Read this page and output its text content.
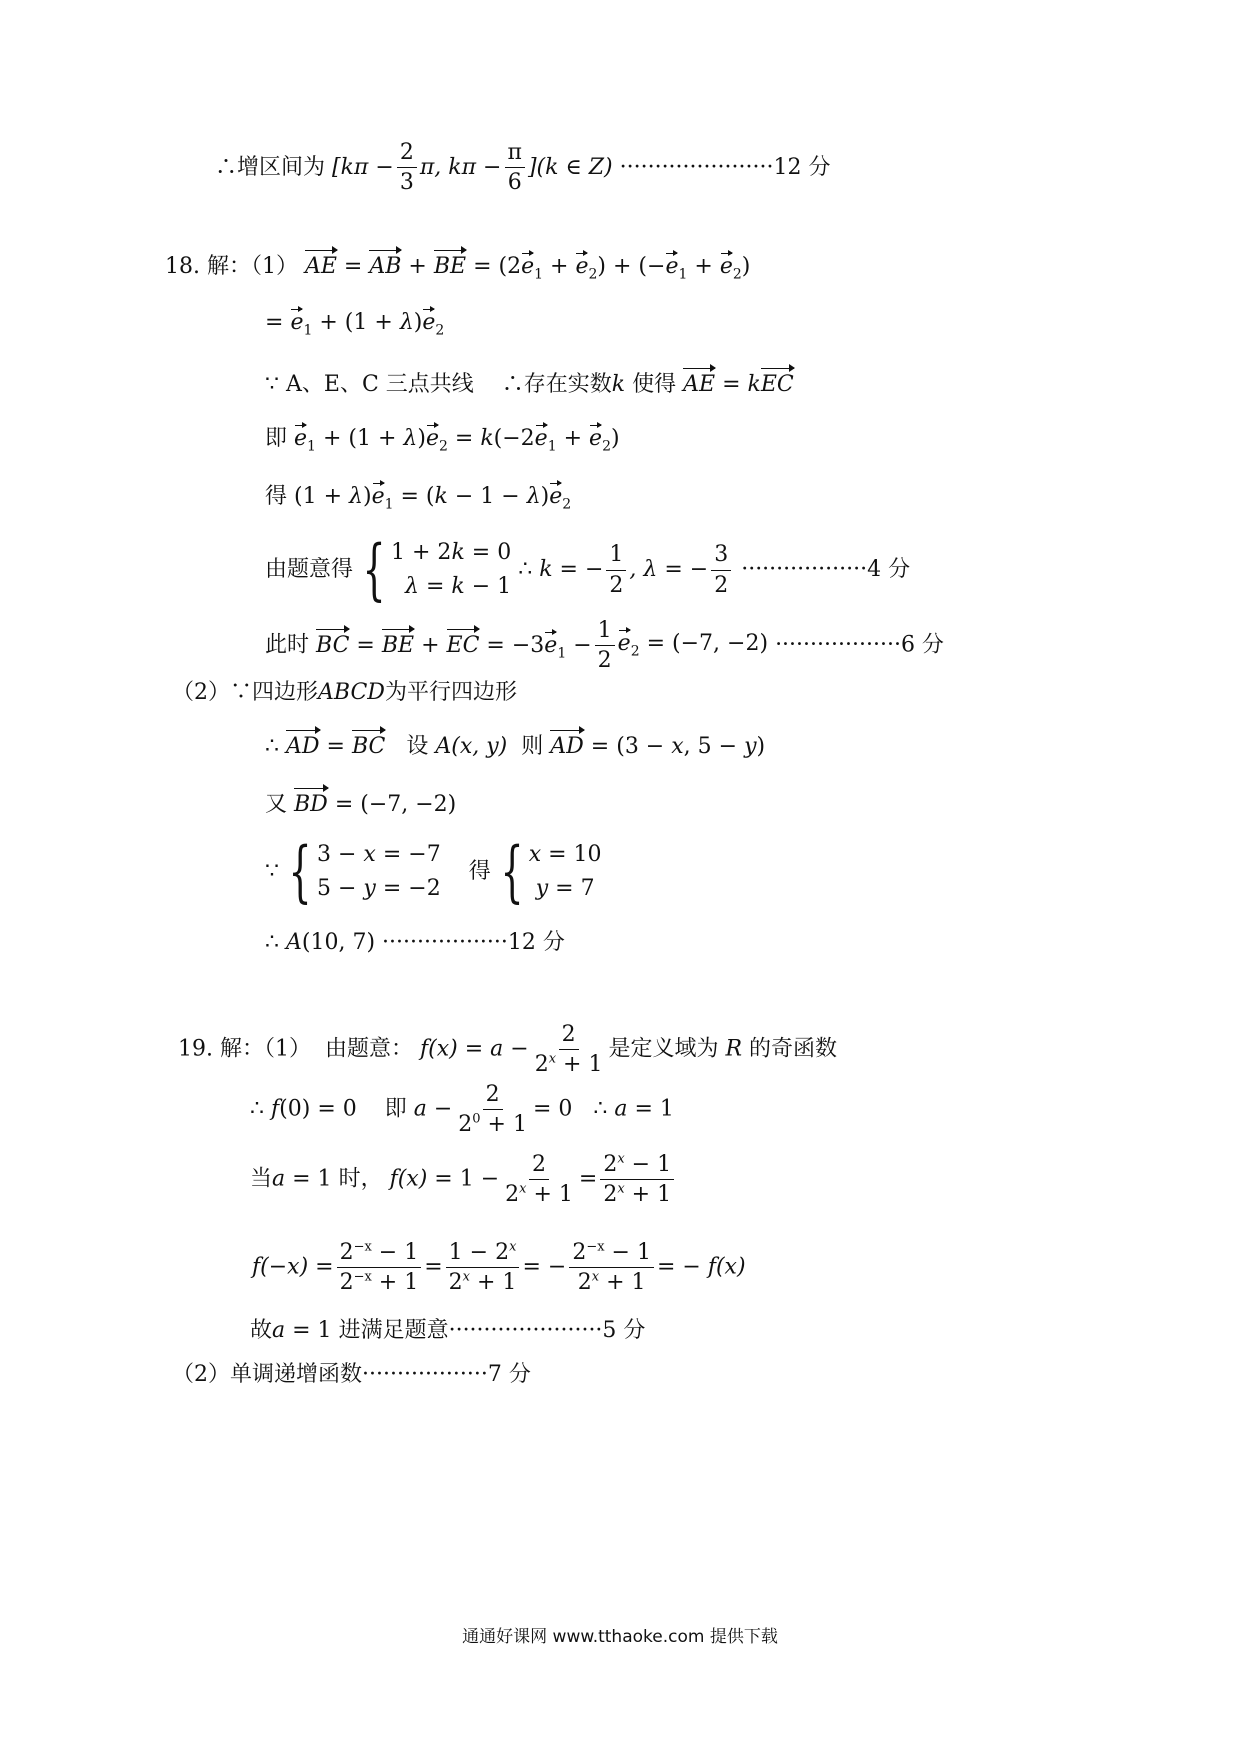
∴增区间为 [$k\pi - \frac{2}{3} \pi$, $k\pi - \frac{\pi}{6} ](k$ ∈ Z) ······················12 分
18. 解：（1） AE = AB + BE = $(2e_1 + e_2) + (-e_1 + e_2)$
= $e_1 + (1 + \lambda)e_2$
∵ A、E、C 三点共线 ∴存在实数k 使得 AE = kEC
即 $e_1 + (1 + \lambda)e_2 = k(-2e_1 + e_2)$
得 $(1 + \lambda)e_1 = (k - 1 - \lambda)e_2$
由题意得 { 1 + 2k = 0
λ = k − 1
∴ k = − $\frac{1}{2}$ , λ = − $\frac{3}{2} \cdot\cdot\cdot\cdot\cdot\cdot\cdot\cdot\cdot\cdot\cdot\cdot\cdot\cdot\cdot\cdot\cdot\cdot 4$ 分
此时 BC = BE + EC = $-3e_1 - \frac{1}{2} e_2 = (-7$, −2) ··················6 分
（2）∵四边形ABCD为平行四边形
∴ AD = BC 设 A(x, y) 则 AD = (3 − x, 5 − y)
又 BD = (−7, −2)
∵ { 3 − x = −7
5 − y = −2
得 { x = 10
y = 7
∴ A(10, 7) ··················12 分
19. 解：（1） 由题意： $f(x) = a - \frac{2}{2^x + 1}$ 是定义域为 R 的奇函数
∴ f(0) = 0    即 $a - \frac{2}{2^0 + 1} = 0$   ∴ a = 1
当a = 1 时， $f(x) = 1 - \frac{2}{2^x + 1} = \frac{2^x - 1}{2^x + 1}$
$f(-x) = \frac{2^{-x} - 1}{2^{-x} + 1} = \frac{1 - 2^x}{2^x + 1}$ = − $\frac{2^{-x} - 1}{2^x + 1}$ = − f(x)
故a = 1 进满足题意······················5 分
（2）单调递增函数··················7 分
通通好课网 www.tthaoke.com 提供下载
